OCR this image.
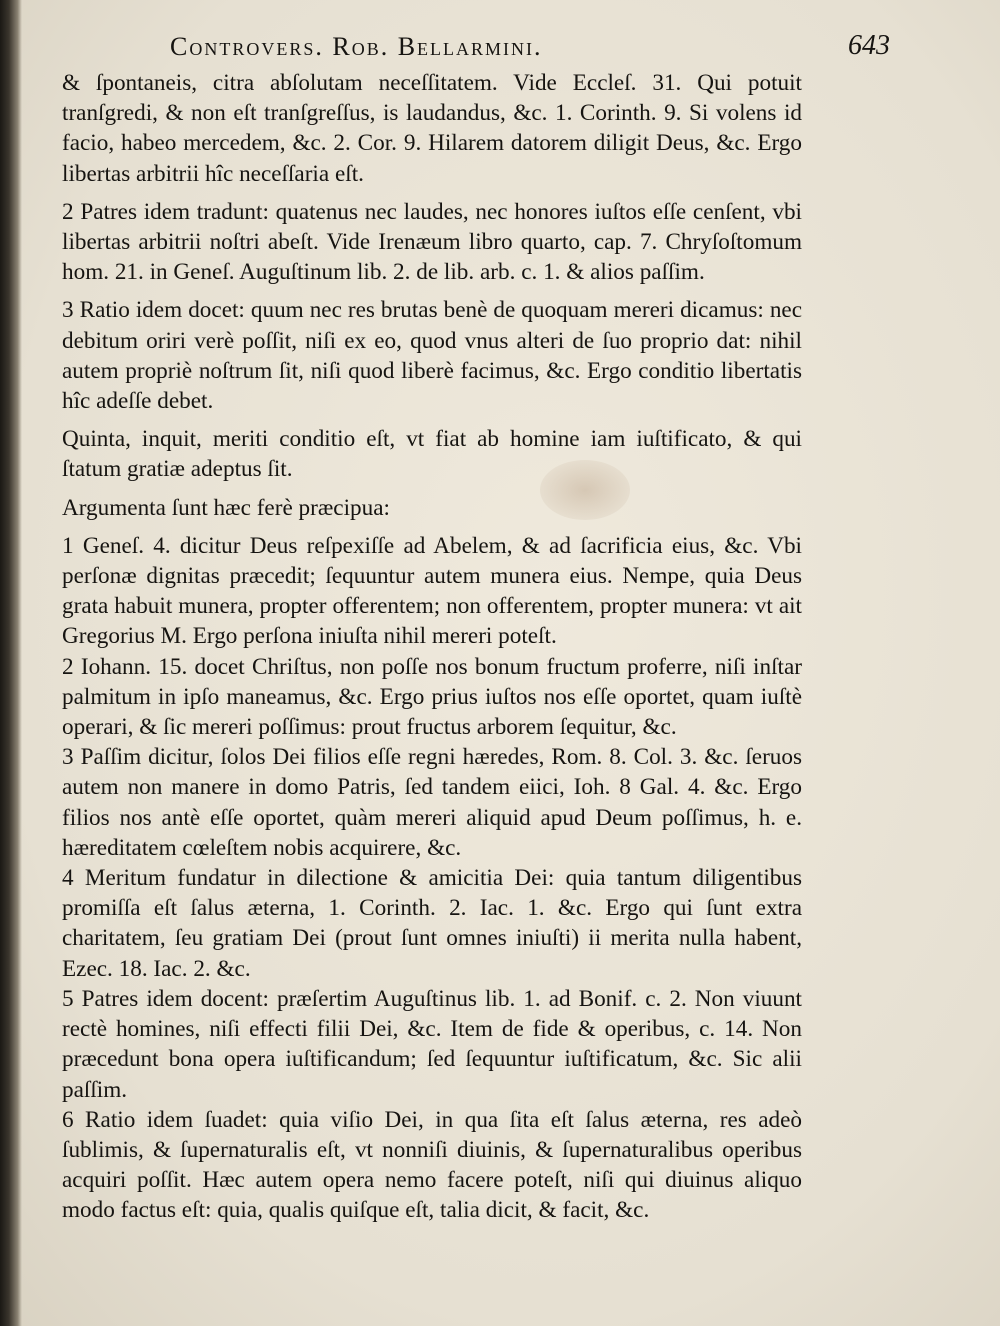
Controvers. Rob. Bellarmini.	643

& ſpontaneis, citra abſolutam neceſſitatem. Vide Eccleſ. 31. Qui potuit tranſgredi, & non eſt tranſgreſſus, is laudandus, &c. 1. Corinth. 9. Si volens id facio, habeo mercedem, &c. 2. Cor. 9. Hilarem datorem diligit Deus, &c. Ergo libertas arbitrii hîc neceſſaria eſt.

2 Patres idem tradunt: quatenus nec laudes, nec honores iuſtos eſſe cenſent, vbi libertas arbitrii noſtri abeſt. Vide Irenæum libro quarto, cap. 7. Chryſoſtomum hom. 21. in Geneſ. Auguſtinum lib. 2. de lib. arb. c. 1. & alios paſſim.

3 Ratio idem docet: quum nec res brutas benè de quoquam mereri dicamus: nec debitum oriri verè poſſit, niſi ex eo, quod vnus alteri de ſuo proprio dat: nihil autem propriè noſtrum ſit, niſi quod liberè facimus, &c. Ergo conditio libertatis hîc adeſſe debet.

Quinta, inquit, meriti conditio eſt, vt fiat ab homine iam iuſtificato, & qui ſtatum gratiæ adeptus ſit.

Argumenta ſunt hæc ferè præcipua:

1 Geneſ. 4. dicitur Deus reſpexiſſe ad Abelem, & ad ſacrificia eius, &c. Vbi perſonæ dignitas præcedit; ſequuntur autem munera eius. Nempe, quia Deus grata habuit munera, propter offerentem; non offerentem, propter munera: vt ait Gregorius M. Ergo perſona iniuſta nihil mereri poteſt.

2 Iohann. 15. docet Chriſtus, non poſſe nos bonum fructum proferre, niſi inſtar palmitum in ipſo maneamus, &c. Ergo prius iuſtos nos eſſe oportet, quam iuſtè operari, & ſic mereri poſſimus: prout fructus arborem ſequitur, &c.

3 Paſſim dicitur, ſolos Dei filios eſſe regni hæredes, Rom. 8. Col. 3. &c. ſeruos autem non manere in domo Patris, ſed tandem eiici, Ioh. 8 Gal. 4. &c. Ergo filios nos antè eſſe oportet, quàm mereri aliquid apud Deum poſſimus, h. e. hæreditatem cœleſtem nobis acquirere, &c.

4 Meritum fundatur in dilectione & amicitia Dei: quia tantum diligentibus promiſſa eſt ſalus æterna, 1. Corinth. 2. Iac. 1. &c. Ergo qui ſunt extra charitatem, ſeu gratiam Dei (prout ſunt omnes iniuſti) ii merita nulla habent, Ezec. 18. Iac. 2. &c.

5 Patres idem docent: præſertim Auguſtinus lib. 1. ad Bonif. c. 2. Non viuunt rectè homines, niſi effecti filii Dei, &c. Item de fide & operibus, c. 14. Non præcedunt bona opera iuſtificandum; ſed ſequuntur iuſtificatum, &c. Sic alii paſſim.

6 Ratio idem ſuadet: quia viſio Dei, in qua ſita eſt ſalus æterna, res adeò ſublimis, & ſupernaturalis eſt, vt nonniſi diuinis, & ſupernaturalibus operibus acquiri poſſit. Hæc autem opera nemo facere poteſt, niſi qui diuinus aliquo modo factus eſt: quia, qualis quiſque eſt, talia dicit, & facit, &c.
